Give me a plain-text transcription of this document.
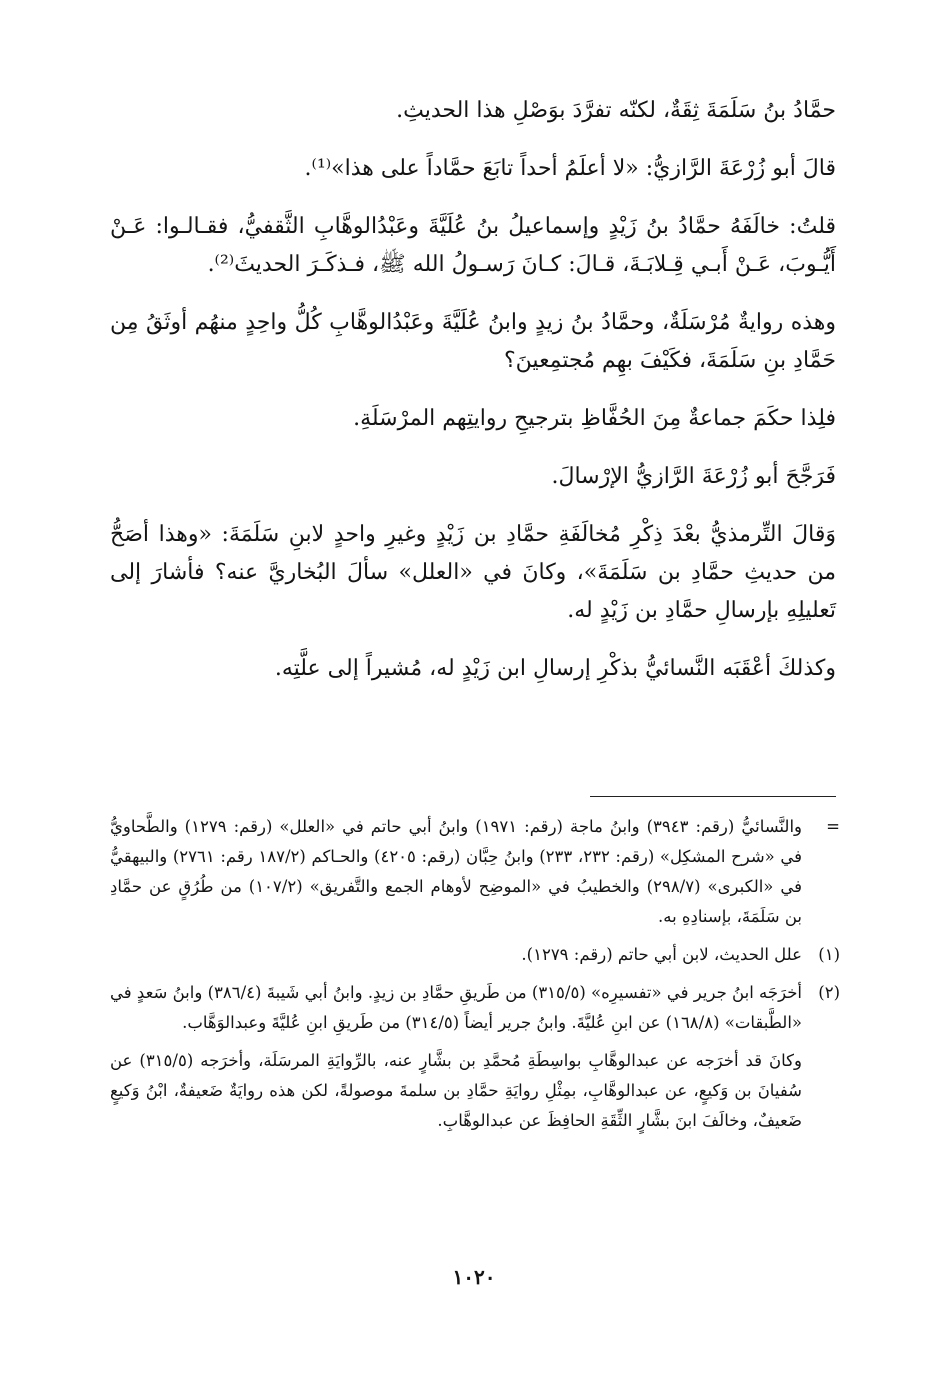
حمَّادُ بنُ سَلَمَةَ ثِقَةٌ، لكنّه تفرَّدَ بوَصْلِ هذا الحديثِ.

قالَ أبو زُرْعَةَ الرَّازيُّ: «لا أعلَمُ أحداً تابَعَ حمَّاداً على هذا»⁽¹⁾.

قلتُ: خالَفَهُ حمَّادُ بنُ زَيْدٍ وإسماعيلُ بنُ عُلَيَّةَ وعَبْدُالوهَّابِ الثَّقفيُّ، فقـالـوا: عَـنْ أَيُّـوبَ، عَـنْ أَبـي قِـلابَـةَ، قـالَ: كـانَ رَسـولُ الله ﷺ، فـذكَـرَ الحديثَ⁽²⁾.

وهذه روايةٌ مُرْسَلَةٌ، وحمَّادُ بنُ زيدٍ وابنُ عُلَيَّةَ وعَبْدُالوهَّابِ كُلُّ واحِدٍ منهُم أوثَقُ مِن حَمَّادِ بنِ سَلَمَةَ، فكَيْفَ بهِم مُجتمِعينَ؟

فلِذا حكَمَ جماعةٌ مِنَ الحُفَّاظِ بترجيحِ روايتِهم المرْسَلَةِ.

فَرَجَّحَ أبو زُرْعَةَ الرَّازيُّ الإرْسالَ.

وَقالَ التِّرمذيُّ بعْدَ ذِكْرِ مُخالَفَةِ حمَّادِ بن زَيْدٍ وغيرِ واحدٍ لابنِ سَلَمَةَ: «وهذا أصَحُّ من حديثِ حمَّادِ بن سَلَمَةَ»، وكانَ في «العلل» سألَ البُخاريَّ عنه؟ فأشارَ إلى تَعليلِهِ بإرسالِ حمَّادِ بن زَيْدٍ له.

وكذلكَ أعْقَبَه النَّسائيُّ بذكْرِ إرسالِ ابن زَيْدٍ له، مُشيراً إلى علَّتِه.

=
والنَّسائيُّ (رقم: ٣٩٤٣) وابنُ ماجة (رقم: ١٩٧١) وابنُ أبي حاتم في «العلل» (رقم: ١٢٧٩) والطَّحاويُّ في «شرح المشكِل» (رقم: ٢٣٢، ٢٣٣) وابنُ حِبَّان (رقم: ٤٢٠٥) والحـاكم (١٨٧/٢ رقم: ٢٧٦١) والبيهقيُّ في «الكبرى» (٢٩٨/٧) والخطيبُ في «الموضِح لأوهام الجمع والتَّفريق» (١٠٧/٢) من طُرُقٍ عن حمَّادِ بن سَلَمَةَ، بإسنادِهِ به.
(١)
علل الحديث، لابن أبي حاتم (رقم: ١٢٧٩).
(٢)
أخرَجَه ابنُ جرير في «تفسيرِه» (٣١٥/٥) من طَريقِ حمَّادِ بن زيدٍ. وابنُ أبي شَيبةَ (٣٨٦/٤) وابنُ سَعدٍ في «الطَّبقات» (١٦٨/٨) عن ابنِ عُليَّةَ. وابنُ جرير أيضاً (٣١٤/٥) من طَريقِ ابنِ عُليَّةَ وعبدالوَهَّاب.
وكانَ قد أخرَجه عن عبدالوهَّابِ بواسِطَةِ مُحمَّدِ بن بشَّارٍ عنه، بالرِّوايَةِ المرسَلَة، وأخرَجه (٣١٥/٥) عن سُفيانَ بن وَكيعٍ، عن عبدالوهَّابِ، بمِثْلِ روايَةِ حمَّادِ بن سلمةَ موصولةً، لكن هذه روايَةٌ ضَعيفةٌ، ابْنُ وَكيعٍ ضَعيفٌ، وخالَفَ ابنَ بشَّارٍ الثِّقَةِ الحافِظَ عن عبدالوهَّابِ.
١٠٢٠
